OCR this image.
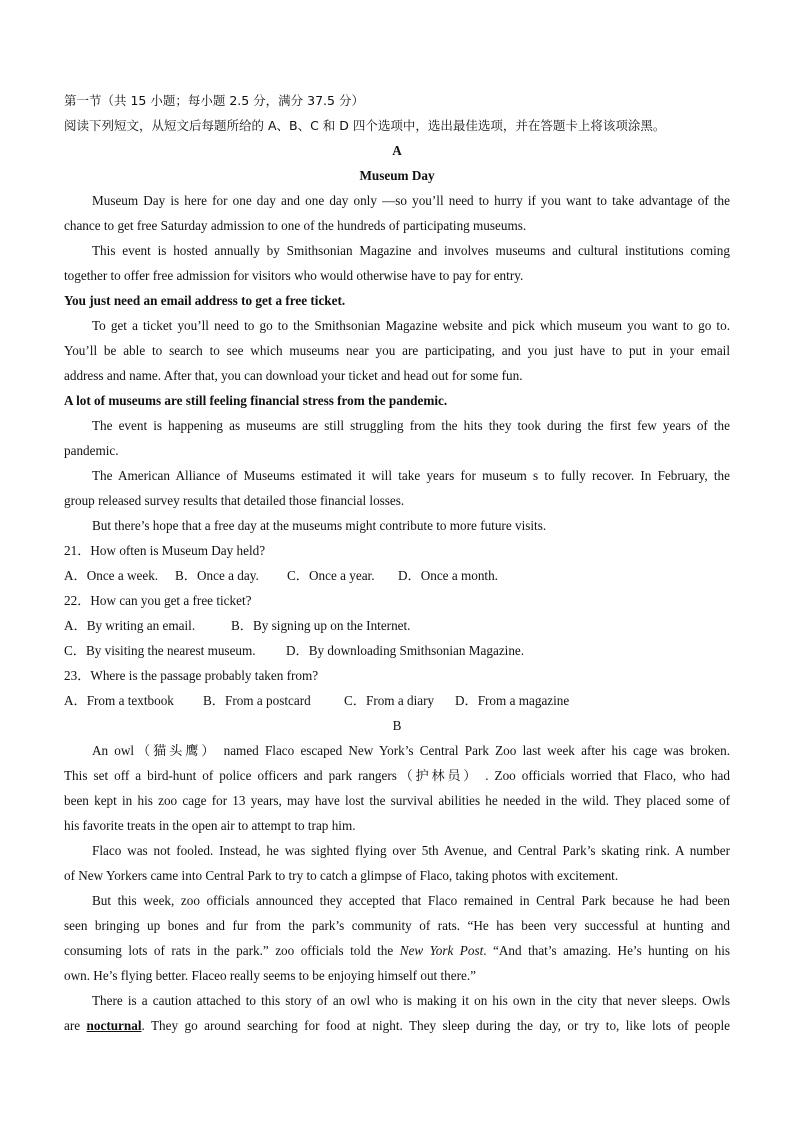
第一节（共 15 小题；每小题 2.5 分，满分 37.5 分）
阅读下列短文，从短文后每题所给的 A、B、C 和 D 四个选项中，选出最佳选项，并在答题卡上将该项涂黑。
A
Museum Day
Museum Day is here for one day and one day only —so you’ll need to hurry if you want to take advantage of the
chance to get free Saturday admission to one of the hundreds of participating museums.
This event is hosted annually by Smithsonian Magazine and involves museums and cultural institutions coming
together to offer free admission for visitors who would otherwise have to pay for entry.
You just need an email address to get a free ticket.
To get a ticket you’ll need to go to the Smithsonian Magazine website and pick which museum you want to go to.
You’ll be able to search to see which museums near you are participating, and you just have to put in your email
address and name. After that, you can download your ticket and head out for some fun.
A lot of museums are still feeling financial stress from the pandemic.
The event is happening as museums are still struggling from the hits they took during the first few years of the
pandemic.
The American Alliance of Museums estimated it will take years for museum s to fully recover. In February, the
group released survey results that detailed those financial losses.
But there’s hope that a free day at the museums might contribute to more future visits.
21．How often is Museum Day held?
A．Once a week. B．Once a day. C．Once a year. D．Once a month.
22．How can you get a free ticket?
A．By writing an email.	B．By signing up on the Internet.
C．By visiting the nearest museum. D．By downloading Smithsonian Magazine.
23．Where is the passage probably taken from?
A．From a textbook B．From a postcard	C．From a diary D．From a magazine
B
An owl（猫头鹰） named Flaco escaped New York’s Central Park Zoo last week after his cage was broken.
This set off a bird-hunt of police officers and park rangers（护林员） . Zoo officials worried that Flaco, who had
been kept in his zoo cage for 13 years, may have lost the survival abilities he needed in the wild. They placed some of
his favorite treats in the open air to attempt to trap him.
Flaco was not fooled. Instead, he was sighted flying over 5th Avenue, and Central Park’s skating rink. A number
of New Yorkers came into Central Park to try to catch a glimpse of Flaco, taking photos with excitement.
But this week, zoo officials announced they accepted that Flaco remained in Central Park because he had been
seen bringing up bones and fur from the park’s community of rats. “He has been very successful at hunting and
consuming lots of rats in the park.” zoo officials told the New York Post. “And that’s amazing. He’s hunting on his
own. He’s flying better. Flaceo really seems to be enjoying himself out there.”
There is a caution attached to this story of an owl who is making it on his own in the city that never sleeps. Owls
are nocturnal. They go around searching for food at night. They sleep during the day, or try to, like lots of people
